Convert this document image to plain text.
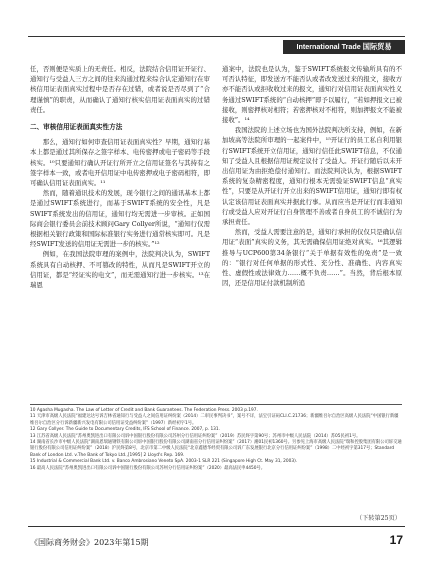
International Trade 国际贸易

任，否则便是实质上的无责任。相反，法院结合信用证开证行、通知行与受益人三方之间的往来沟通过程来综合认定通知行在审核信用证表面真实过程中是否存在过错，或者说是否尽到了“合理谨慎”的职责，从而确认了通知行核实信用证表面真实的过错责任。

二、审核信用证表面真实性方法

那么，通知行如何审查信用证表面真实性？早期，通知行基本上都是通过其所保存之签字样本、电传密押或电子密码等手段核实。¹⁰只要通知行确认开证行所开立之信用证签名与其持有之签字样本一致，或者电开信用证中电传密押或电子密码相符，即可确认信用证表面真实。¹¹

然而，随着通讯技术的发展，现今银行之间的通讯基本上都是通过SWIFT系统进行，而基于SWIFT系统的安全性，凡是SWIFT系统发出的信用证，通知行均无需进一步审核。正如国际商会银行委员会前技术顾问Gary Collyer所说，“通知行仅需根据相关银行政策和国际标准银行实务进行通常核实即可。凡是经SWIFT发送的信用证无需进一步的核实。”¹²

例如，在我国法院审理的案例中，法院判决认为，SWIFT系统具有自动核押、不可篡改的特性，从而凡是SWIFT开立的信用证，都是“经证实的电文”，而无需通知行进一步核实。¹³在瑞恩

通案中，法院也是认为，鉴于SWIFT系统报文传输所具有的不可否认特征，即发送方不能否认或者改发送过来的报文，接收方亦不能否认或拒收收过来的报文，通知行对信用证表面真实性义务通过SWIFT系统的“自动核押”即予以履行，“若如押报文已被接收，则密押核对相符；若密押核对不相符，则加押报文不能被接收”。¹⁴

我国法院的上述立场也为国外法院判决所支持，例如，在新加坡高等法院所审理的一起案件中，¹⁵开证行的员工私自利用银行SWIFT系统开立信用证，通知行信任此SWIFT信息，不仅通知了受益人且根据信用证规定议付了受益人。开证行随后以未开出信用证为由拒绝偿付通知行。而法院判决认为，根据SWIFT系统的复杂精密程度，通知行根本无需验证SWIFT信息“真实性”，只要是从开证行开立出来的SWIFT信用证，通知行即有权认定该信用证表面真实并据此行事。从而应当是开证行而非通知行或受益人应对开证行自身管理不善或者自身员工的不诚信行为承担责任。

然而，受益人需要注意的是，通知行承担的仅仅只是确认信用证“表面”真实的义务，其无需确保信用证绝对真实。¹⁶其逻辑推导与UCP600第34条银行“关于单据有效性的免责”是一致的：“银行对任何单据的形式性、充分性、准确性、内容真实性、虚假性或法律效力……概不负责……”。当然，背后根本原因，还是信用证付款机制所追

10 Agasha Mugasha. The Law of Letter of Credit and Bank Guarantees. The Federation Press. 2003 p.197.
11 天津市高级人民法院“福建达达号诉吉林省通知行与受益人之间信用证纠纷案（2014）二审民事判决书”，案号不详，法宝引证码CLI.C.21736；新疆维吾尔自治区高级人民法院“中国银行新疆维吾尔自治区分行诉新疆新兴发电有限公司信用证受益纠纷案”（1997）新经初字1号。
12 Gary Collyer. The Guide to Documentary Credits, IFS School of Finance. 2007, p. 131.
13 江苏省高级人民法院“苏州奥凯进出口有限公司诉中国银行股份有限公司苏州分行信用证纠纷案”（2019）苏民终字第90号；苏州市中级人民法院（2014）苏05民初1号。
14 湖南省长沙市中级人民法院“湖南恩瑞通钢铁有限公司诉中国银行股份有限公司湖南省分行信用证纠纷案”（2017）湘01民初1360号。另参见上海市高级人民法院“瑞和控股集团有限公司诉交通银行股份有限公司信用证纠纷案”（2018）沪民终第8号，北京市第二中级人民法院“北京鑫德华经贸有限公司诉广东发展银行北京分行信用证纠纷案”（1998）二中经初字第317号；Standard Bank of London Ltd. v.The Bank of Tokyo Ltd.,[1995] 2 Lloyd's Rep. 169.
15 Industrial & Commercial Bank Ltd. v. Banco Ambrosiano Veneto SpA. 2003-1 SLR 221 (Singapore High Ct. May 31, 2003).
16 最高人民法院“苏州奥凯进出口有限公司诉中国银行股份有限公司苏州分行信用证纠纷案”（2020）最高法民申4450号。
（下转第25页）
《国际商务财会》2023年第15期	17
